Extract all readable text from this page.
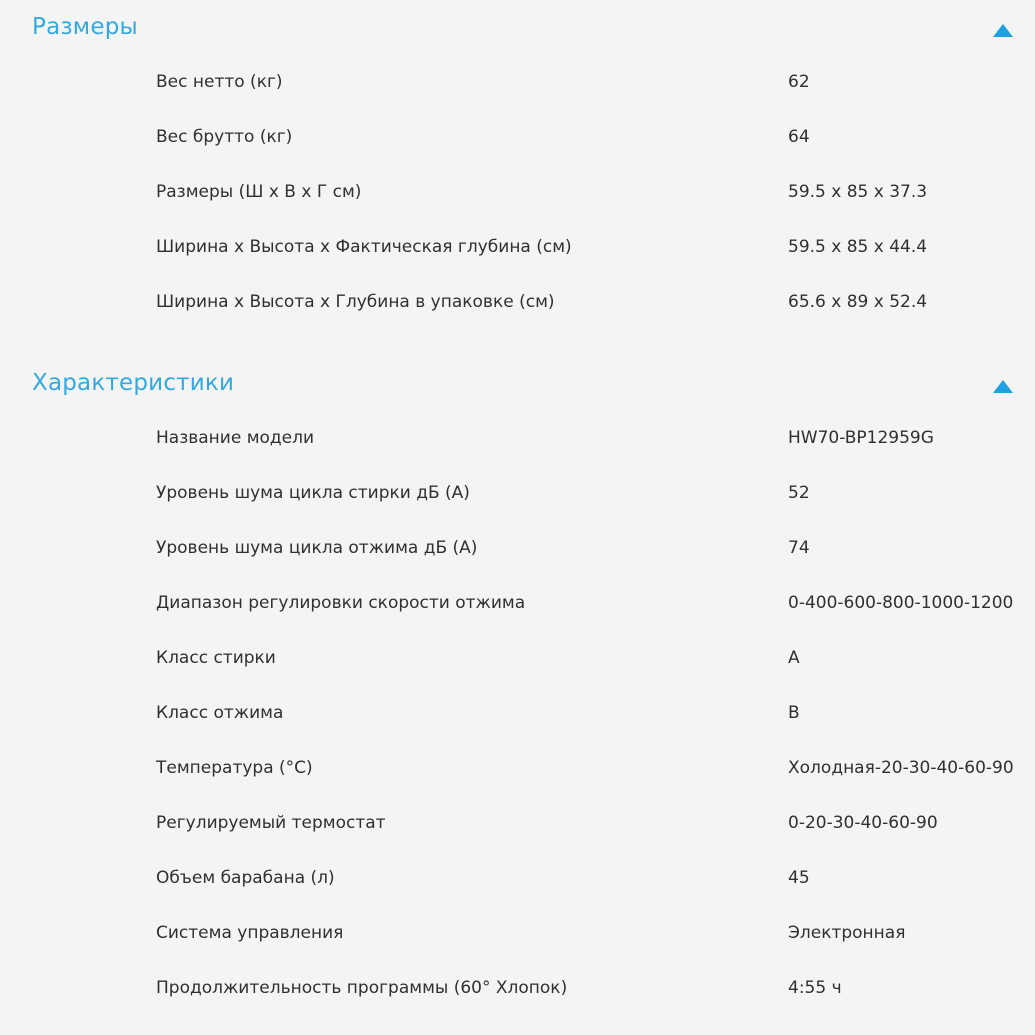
Размеры
Вес нетто (кг)	62
Вес брутто (кг)	64
Размеры (Ш x В x Г см)	59.5 x 85 x 37.3
Ширина x Высота x Фактическая глубина (см)	59.5 x 85 x 44.4
Ширина x Высота x Глубина в упаковке (см)	65.6 x 89 x 52.4
Характеристики
Название модели	HW70-BP12959G
Уровень шума цикла стирки дБ (A)	52
Уровень шума цикла отжима дБ (A)	74
Диапазон регулировки скорости отжима	0-400-600-800-1000-1200
Класс стирки	A
Класс отжима	B
Температура (°C)	Холодная-20-30-40-60-90
Регулируемый термостат	0-20-30-40-60-90
Объем барабана (л)	45
Система управления	Электронная
Продолжительность программы (60° Хлопок)	4:55 ч
